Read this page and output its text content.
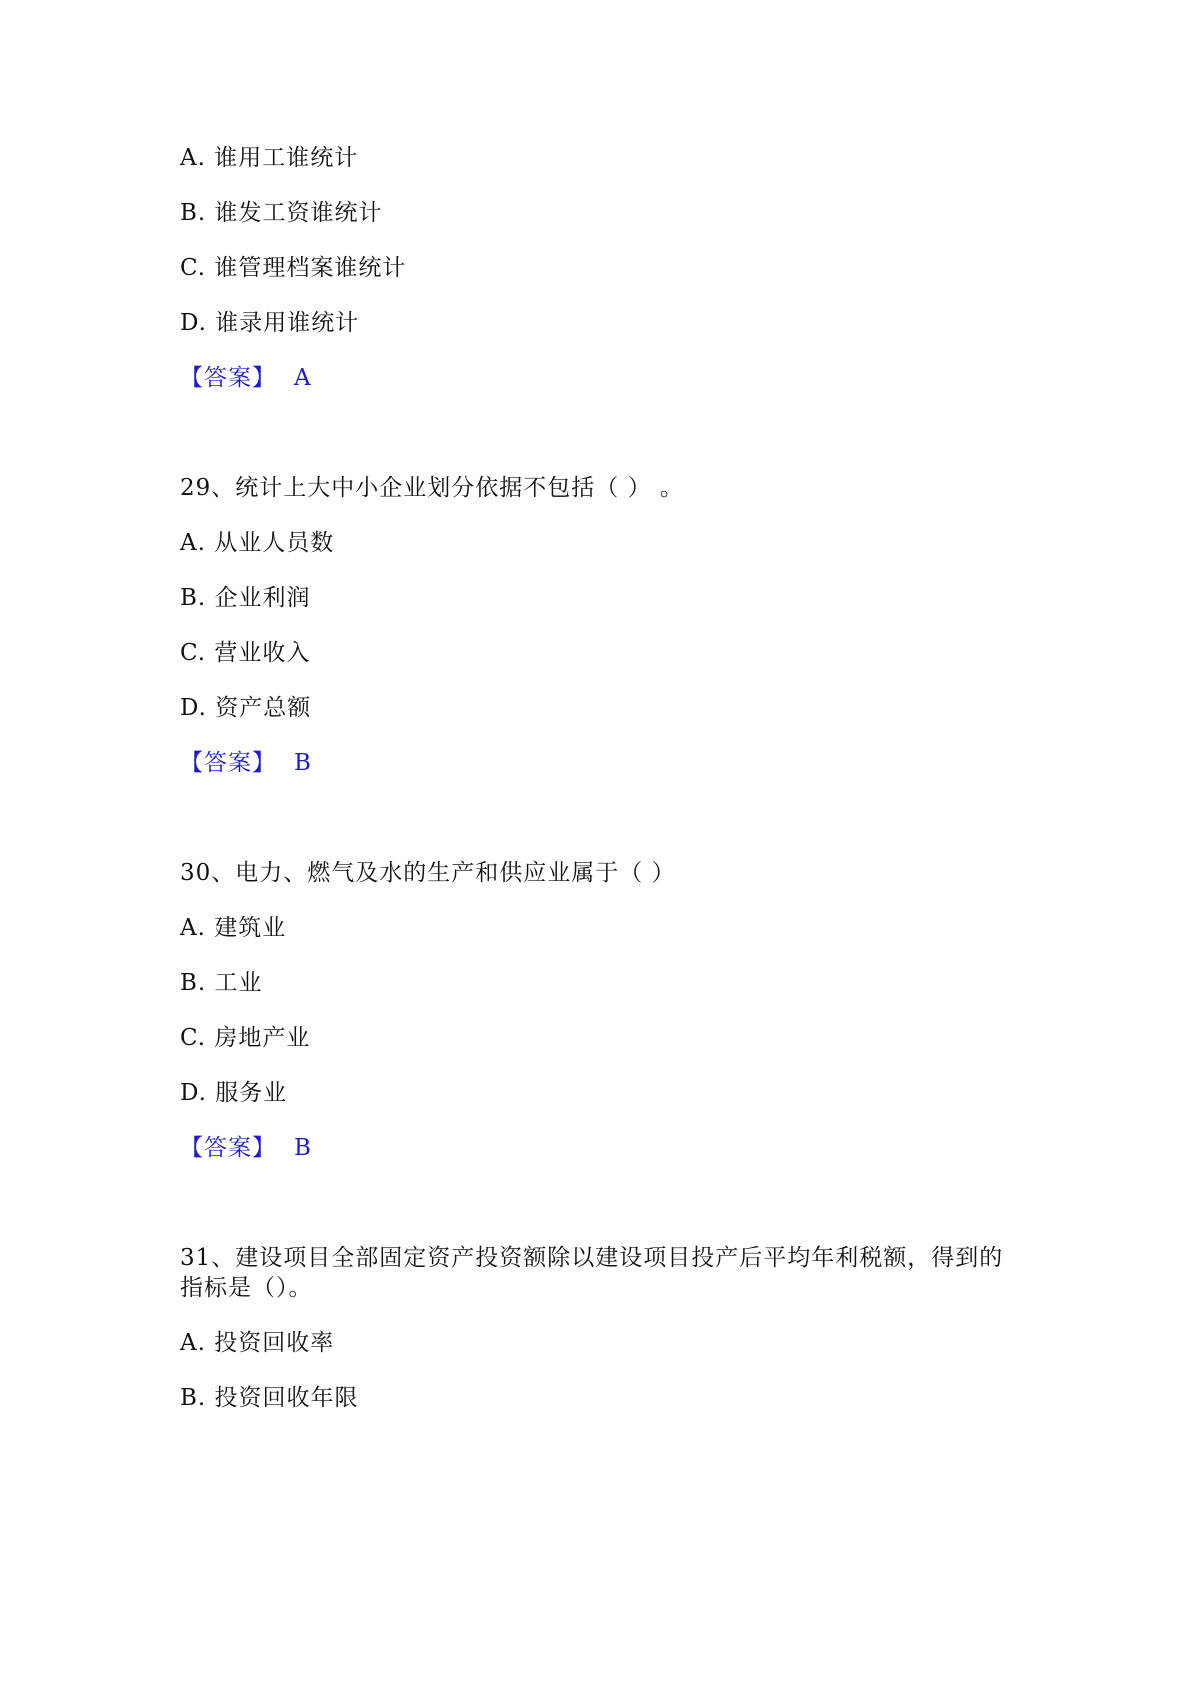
A. 谁用工谁统计
B. 谁发工资谁统计
C. 谁管理档案谁统计
D. 谁录用谁统计
【答案】 A
29、统计上大中小企业划分依据不包括（ ） 。
A. 从业人员数
B. 企业利润
C. 营业收入
D. 资产总额
【答案】 B
30、电力、燃气及水的生产和供应业属于（ ）
A. 建筑业
B. 工业
C. 房地产业
D. 服务业
【答案】 B
31、建设项目全部固定资产投资额除以建设项目投产后平均年利税额，得到的
指标是（）。
A. 投资回收率
B. 投资回收年限
